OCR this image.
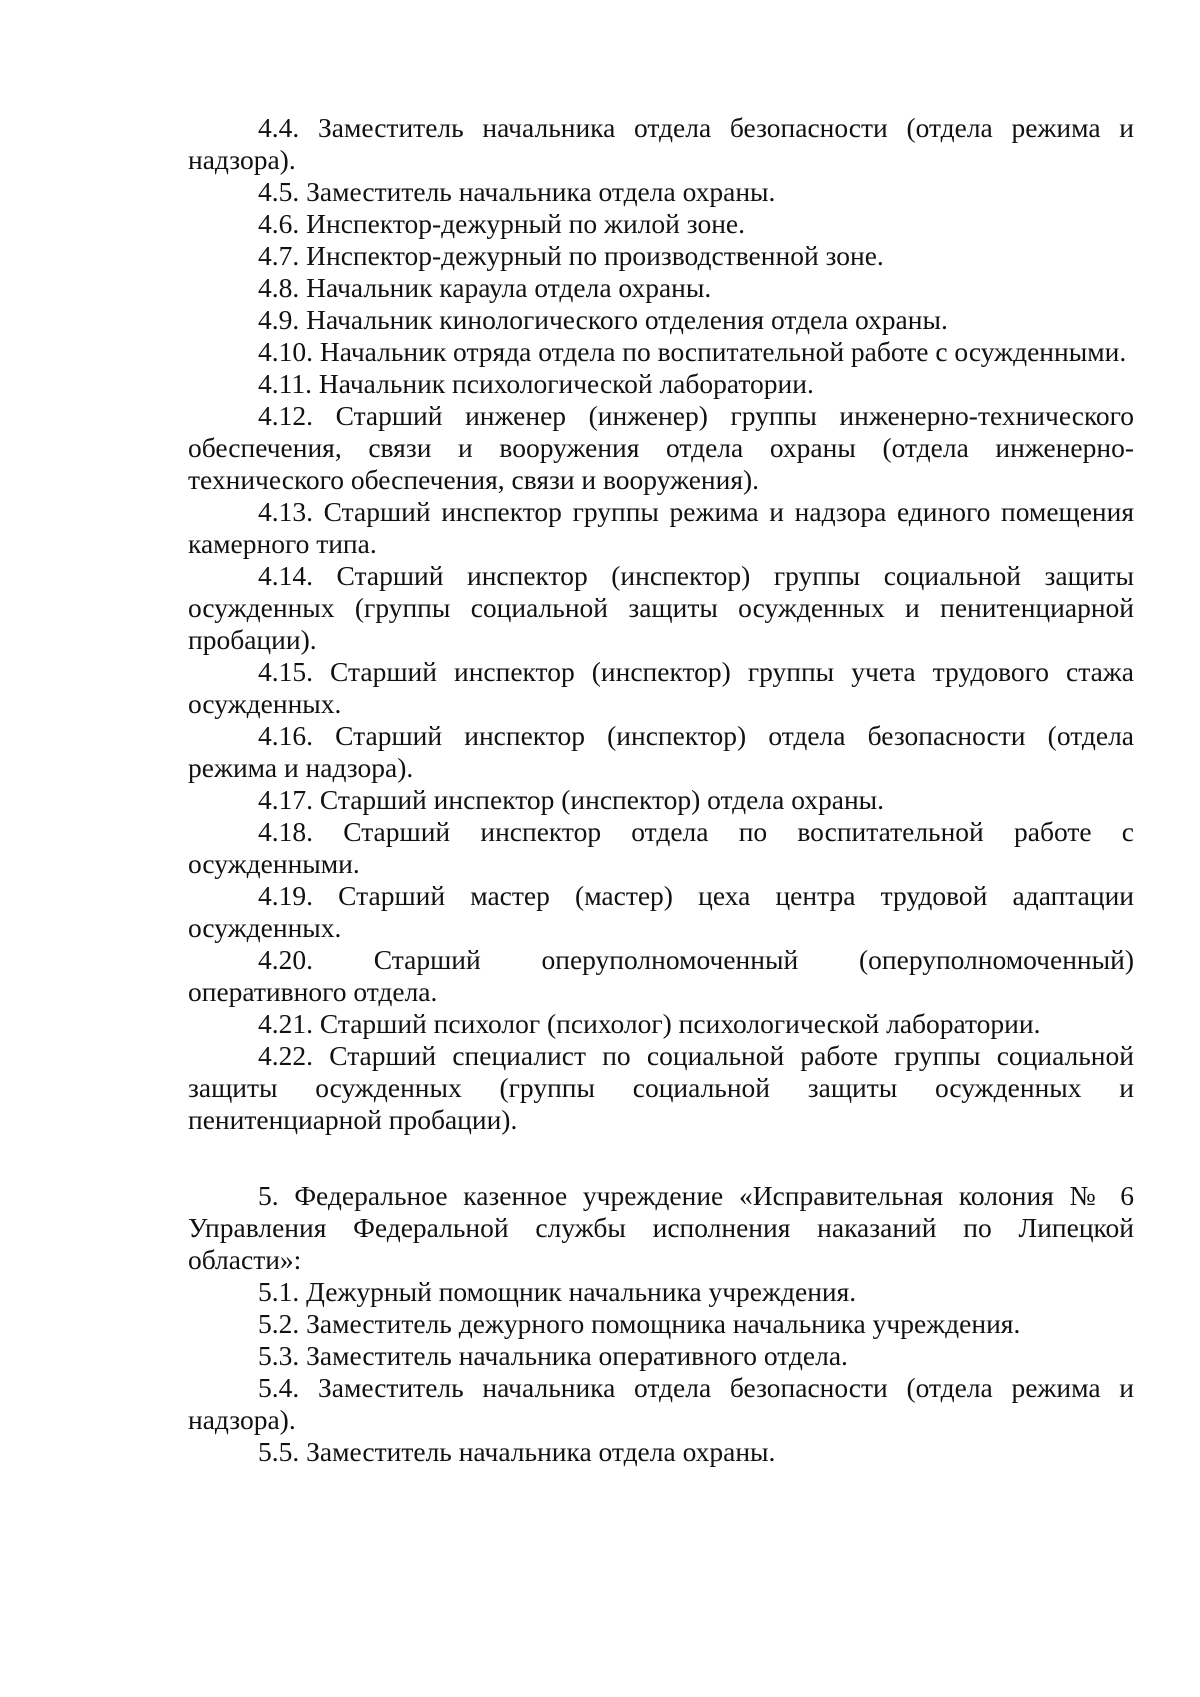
4.4. Заместитель начальника отдела безопасности (отдела режима и надзора).

4.5. Заместитель начальника отдела охраны.

4.6. Инспектор-дежурный по жилой зоне.

4.7. Инспектор-дежурный по производственной зоне.

4.8. Начальник караула отдела охраны.

4.9. Начальник кинологического отделения отдела охраны.

4.10. Начальник отряда отдела по воспитательной работе с осужденными.

4.11. Начальник психологической лаборатории.

4.12. Старший инженер (инженер) группы инженерно-технического обеспечения, связи и вооружения отдела охраны (отдела инженерно-технического обеспечения, связи и вооружения).

4.13. Старший инспектор группы режима и надзора единого помещения камерного типа.

4.14. Старший инспектор (инспектор) группы социальной защиты осужденных (группы социальной защиты осужденных и пенитенциарной пробации).

4.15. Старший инспектор (инспектор) группы учета трудового стажа осужденных.

4.16. Старший инспектор (инспектор) отдела безопасности (отдела режима и надзора).

4.17. Старший инспектор (инспектор) отдела охраны.

4.18. Старший инспектор отдела по воспитательной работе с осужденными.

4.19. Старший мастер (мастер) цеха центра трудовой адаптации осужденных.

4.20. Старший оперуполномоченный (оперуполномоченный) оперативного отдела.

4.21. Старший психолог (психолог) психологической лаборатории.

4.22. Старший специалист по социальной работе группы социальной защиты осужденных (группы социальной защиты осужденных и пенитенциарной пробации).

5. Федеральное казенное учреждение «Исправительная колония № 6 Управления Федеральной службы исполнения наказаний по Липецкой области»:

5.1. Дежурный помощник начальника учреждения.

5.2. Заместитель дежурного помощника начальника учреждения.

5.3. Заместитель начальника оперативного отдела.

5.4. Заместитель начальника отдела безопасности (отдела режима и надзора).

5.5. Заместитель начальника отдела охраны.
